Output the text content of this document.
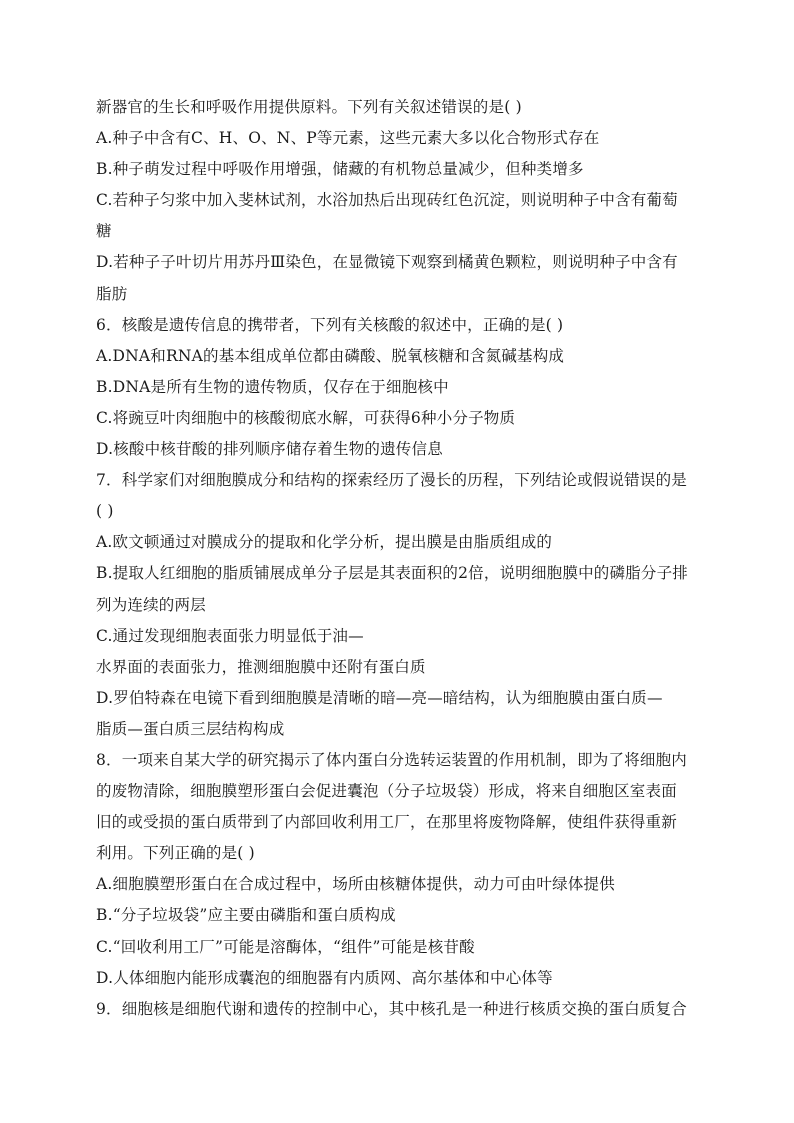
新器官的生长和呼吸作用提供原料。下列有关叙述错误的是( )
A.种子中含有C、H、O、N、P等元素，这些元素大多以化合物形式存在
B.种子萌发过程中呼吸作用增强，储藏的有机物总量减少，但种类增多
C.若种子匀浆中加入斐林试剂，水浴加热后出现砖红色沉淀，则说明种子中含有葡萄
糖
D.若种子子叶切片用苏丹Ⅲ染色，在显微镜下观察到橘黄色颗粒，则说明种子中含有
脂肪
6．核酸是遗传信息的携带者，下列有关核酸的叙述中，正确的是( )
A.DNA和RNA的基本组成单位都由磷酸、脱氧核糖和含氮碱基构成
B.DNA是所有生物的遗传物质，仅存在于细胞核中
C.将豌豆叶肉细胞中的核酸彻底水解，可获得6种小分子物质
D.核酸中核苷酸的排列顺序储存着生物的遗传信息
7．科学家们对细胞膜成分和结构的探索经历了漫长的历程，下列结论或假说错误的是
( )
A.欧文顿通过对膜成分的提取和化学分析，提出膜是由脂质组成的
B.提取人红细胞的脂质铺展成单分子层是其表面积的2倍，说明细胞膜中的磷脂分子排
列为连续的两层
C.通过发现细胞表面张力明显低于油—
水界面的表面张力，推测细胞膜中还附有蛋白质
D.罗伯特森在电镜下看到细胞膜是清晰的暗—亮—暗结构，认为细胞膜由蛋白质—
脂质—蛋白质三层结构构成
8．一项来自某大学的研究揭示了体内蛋白分选转运装置的作用机制，即为了将细胞内
的废物清除，细胞膜塑形蛋白会促进囊泡（分子垃圾袋）形成，将来自细胞区室表面
旧的或受损的蛋白质带到了内部回收利用工厂，在那里将废物降解，使组件获得重新
利用。下列正确的是( )
A.细胞膜塑形蛋白在合成过程中，场所由核糖体提供，动力可由叶绿体提供
B.“分子垃圾袋”应主要由磷脂和蛋白质构成
C.“回收利用工厂”可能是溶酶体，“组件”可能是核苷酸
D.人体细胞内能形成囊泡的细胞器有内质网、高尔基体和中心体等
9．细胞核是细胞代谢和遗传的控制中心，其中核孔是一种进行核质交换的蛋白质复合
